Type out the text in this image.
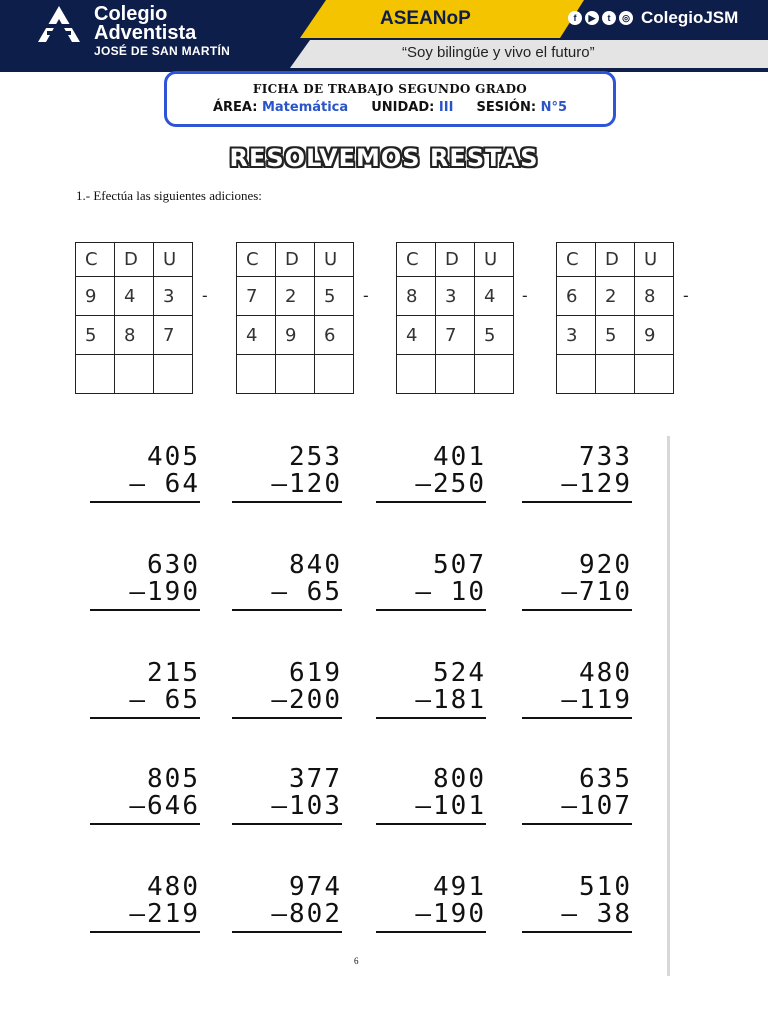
Colegio
Adventista
JOSÉ DE SAN MARTÍN
ASEANoP	f	▶	t	◎ ColegioJSM
“Soy bilingüe y vivo el futuro”
FICHA DE TRABAJO SEGUNDO GRADO
ÁREA: Matemática UNIDAD: III SESIÓN: N°5
RESOLVEMOS RESTAS
1.- Efectúa las siguientes adiciones:
C	D	U
9	4	3
5	8	7

-
C	D	U
7	2	5
4	9	6

-
C	D	U
8	3	4
4	7	5

-
C	D	U
6	2	8
3	5	9

-
405
— 64
253
—120
401
—250
733
—129
630
—190
840
— 65
507
— 10
920
—710
215
— 65
619
—200
524
—181
480
—119
805
—646
377
—103
800
—101
635
—107
480
—219
974
—802
491
—190
510
— 38
6
